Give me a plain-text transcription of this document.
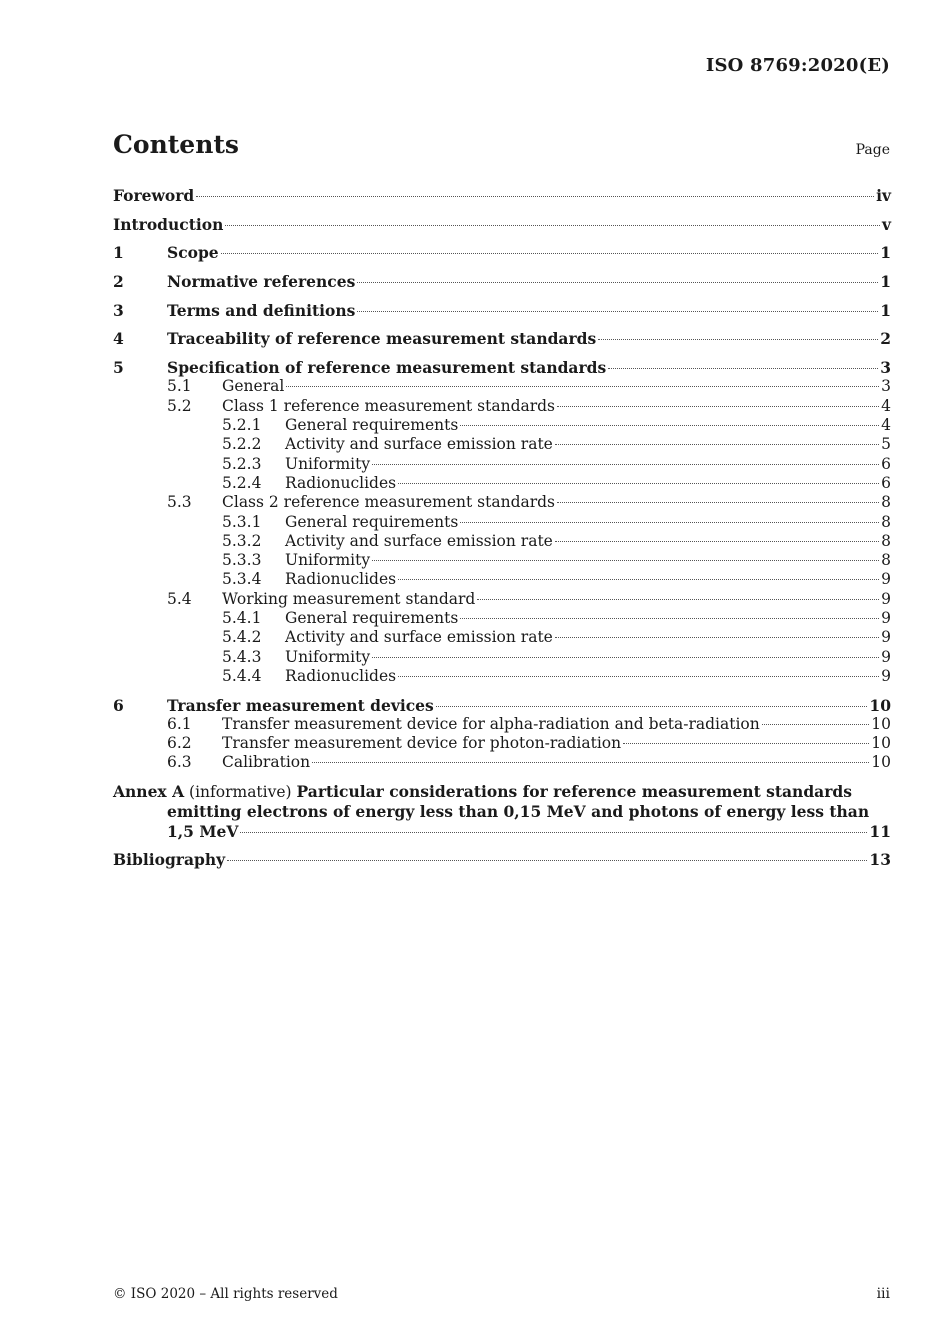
ISO 8769:2020(E)
Contents	Page
Foreword	iv
Introduction	v
1	Scope	1
2	Normative references	1
3	Terms and definitions	1
4	Traceability of reference measurement standards	2
5	Specification of reference measurement standards	3
5.1	General	3
5.2	Class 1 reference measurement standards	4
5.2.1	General requirements	4
5.2.2	Activity and surface emission rate	5
5.2.3	Uniformity	6
5.2.4	Radionuclides	6
5.3	Class 2 reference measurement standards	8
5.3.1	General requirements	8
5.3.2	Activity and surface emission rate	8
5.3.3	Uniformity	8
5.3.4	Radionuclides	9
5.4	Working measurement standard	9
5.4.1	General requirements	9
5.4.2	Activity and surface emission rate	9
5.4.3	Uniformity	9
5.4.4	Radionuclides	9
6	Transfer measurement devices	10
6.1	Transfer measurement device for alpha-radiation and beta-radiation	10
6.2	Transfer measurement device for photon-radiation	10
6.3	Calibration	10
Annex A (informative) Particular considerations for reference measurement standards
emitting electrons of energy less than 0,15 MeV and photons of energy less than
1,5 MeV	11
Bibliography	13
© ISO 2020 – All rights reserved	iii
